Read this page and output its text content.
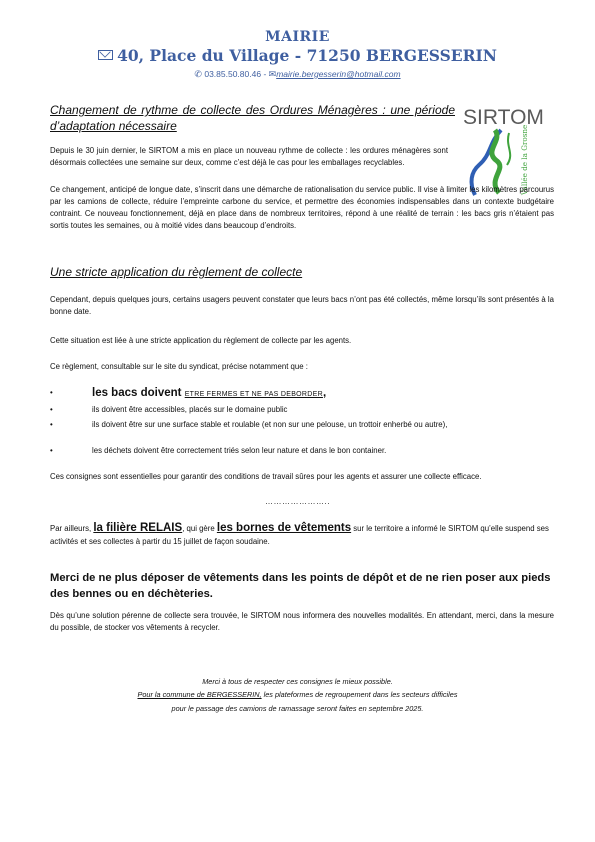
MAIRIE
40, Place du Village - 71250 BERGESSERIN
✆ 03.85.50.80.46 - ✉mairie.bergesserin@hotmail.com
Changement de rythme de collecte des Ordures Ménagères : une période d’adaptation nécessaire	SIRTOM
Vallée de la Grosne
Depuis le 30 juin dernier, le SIRTOM a mis en place un nouveau rythme de collecte : les ordures ménagères sont désormais collectées une semaine sur deux, comme c’est déjà le cas pour les emballages recyclables.
Ce changement, anticipé de longue date, s’inscrit dans une démarche de rationalisation du service public. Il vise à limiter les kilomètres parcourus par les camions de collecte, réduire l’empreinte carbone du service, et permettre des économies indispensables dans un contexte budgétaire contraint. Ce nouveau fonctionnement, déjà en place dans de nombreux territoires, répond à une réalité de terrain : les bacs gris n’étaient pas sortis toutes les semaines, ou à moitié vides dans beaucoup d’endroits.
Une stricte application du règlement de collecte
Cependant, depuis quelques jours, certains usagers peuvent constater que leurs bacs n’ont pas été collectés, même lorsqu’ils sont présentés à la bonne date.
Cette situation est liée à une stricte application du règlement de collecte par les agents.
Ce règlement, consultable sur le site du syndicat, précise notamment que :
•	les bacs doivent ETRE FERMES ET NE PAS DEBORDER,
•	ils doivent être accessibles, placés sur le domaine public
•	ils doivent être sur une surface stable et roulable (et non sur une pelouse, un trottoir enherbé ou autre),
•	les déchets doivent être correctement triés selon leur nature et dans le bon container.
Ces consignes sont essentielles pour garantir des conditions de travail sûres pour les agents et assurer une collecte efficace.
…………………..
Par ailleurs, la filière RELAIS, qui gère les bornes de vêtements sur le territoire a informé le SIRTOM qu’elle suspend ses activités et ses collectes à partir du 15 juillet de façon soudaine.
Merci de ne plus déposer de vêtements dans les points de dépôt et de ne rien poser aux pieds des bennes ou en déchèteries.
Dès qu’une solution pérenne de collecte sera trouvée, le SIRTOM nous informera des nouvelles modalités. En attendant, merci, dans la mesure du possible, de stocker vos vêtements à recycler.
Merci à tous de respecter ces consignes le mieux possible.
Pour la commune de BERGESSERIN, les plateformes de regroupement dans les secteurs difficiles
pour le passage des camions de ramassage seront faites en septembre 2025.
